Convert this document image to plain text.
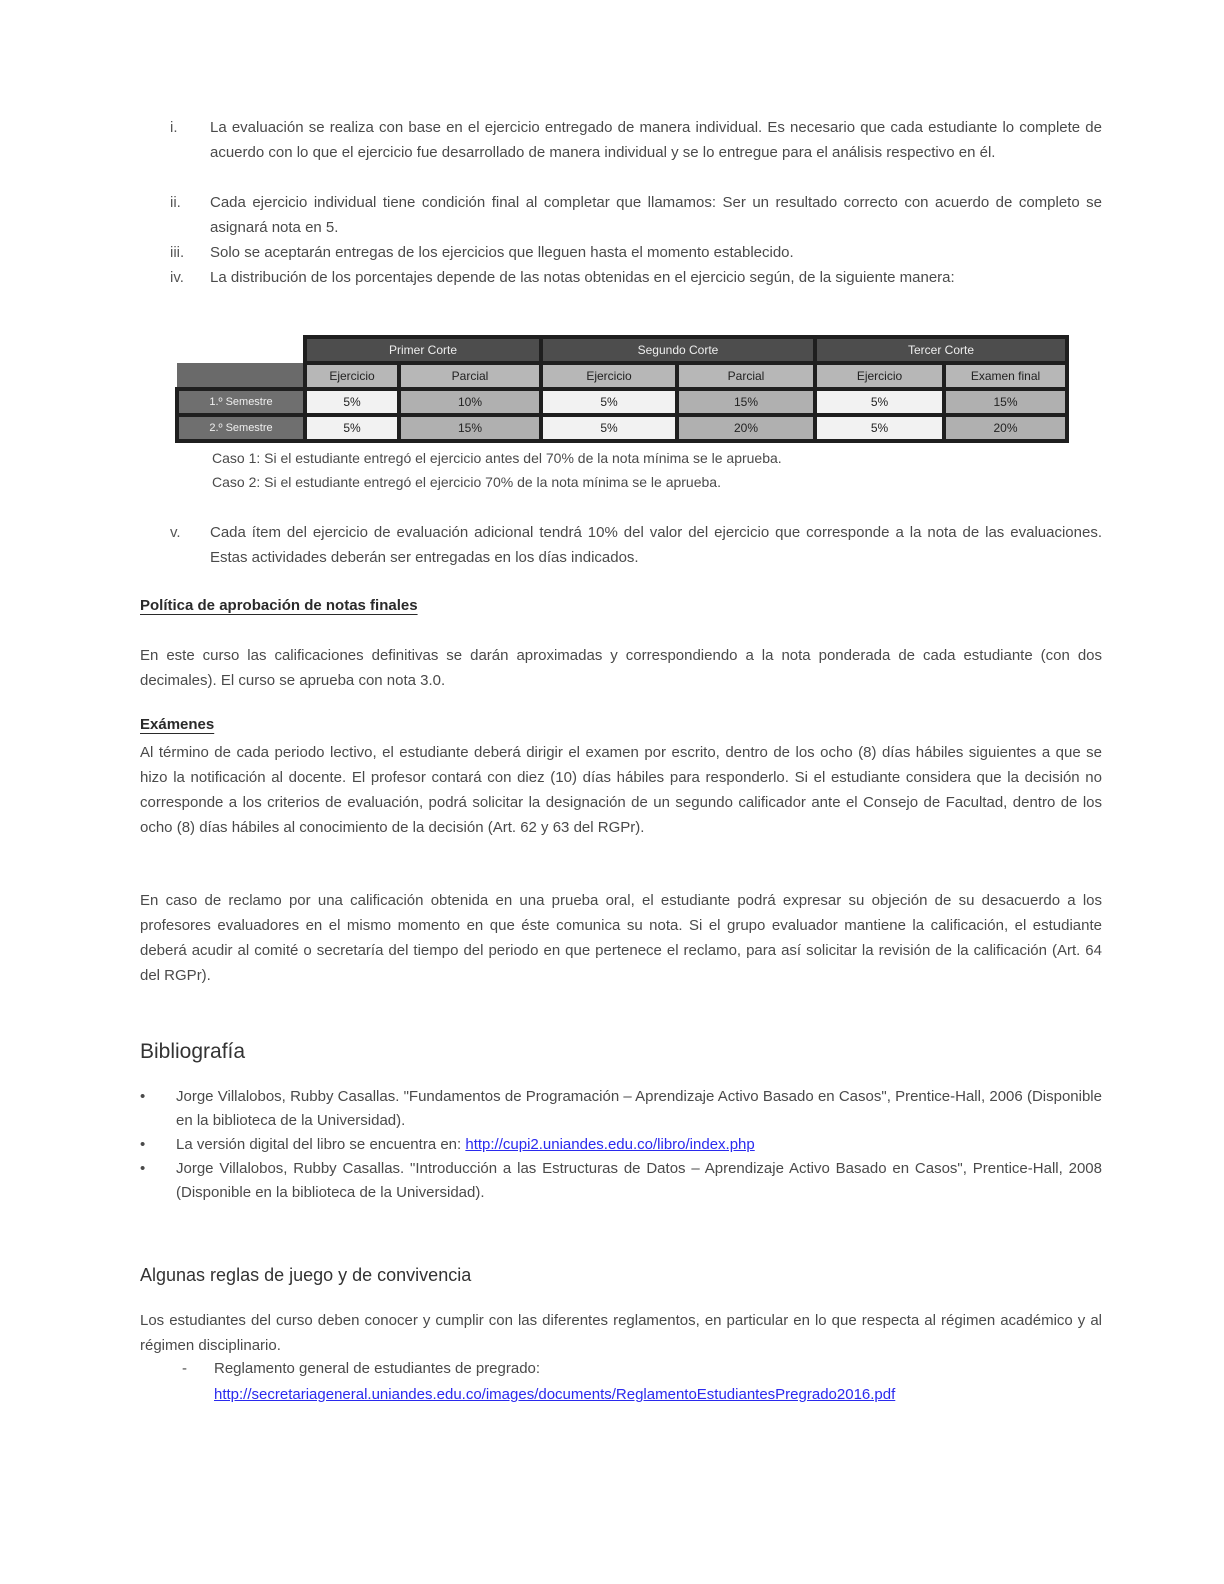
i.	La evaluación se realiza con base en el ejercicio entregado de manera individual. Es necesario que cada estudiante lo complete de acuerdo con lo que el ejercicio fue desarrollado de manera individual y se lo entregue para el análisis respectivo en él.
ii.	Cada ejercicio individual tiene condición final al completar que llamamos: Ser un resultado correcto con acuerdo de completo se asignará nota en 5.
iii.	Solo se aceptarán entregas de los ejercicios que lleguen hasta el momento establecido.
iv.	La distribución de los porcentajes depende de las notas obtenidas en el ejercicio según, de la siguiente manera:
	Primer Corte		Segundo Corte		Tercer Corte	
	Ejercicio	Parcial	Ejercicio	Parcial	Ejercicio	Examen final
1.º Semestre	5%	10%	5%	15%	5%	15%
2.º Semestre	5%	15%	5%	20%	5%	20%
Caso 1: Si el estudiante entregó el ejercicio antes del 70% de la nota mínima se le aprueba.
Caso 2: Si el estudiante entregó el ejercicio 70% de la nota mínima se le aprueba.
v.	Cada ítem del ejercicio de evaluación adicional tendrá 10% del valor del ejercicio que corresponde a la nota de las evaluaciones. Estas actividades deberán ser entregadas en los días indicados.
Política de aprobación de notas finales

En este curso las calificaciones definitivas se darán aproximadas y correspondiendo a la nota ponderada de cada estudiante (con dos decimales). El curso se aprueba con nota 3.0.

Exámenes

Al término de cada periodo lectivo, el estudiante deberá dirigir el examen por escrito, dentro de los ocho (8) días hábiles siguientes a que se hizo la notificación al docente. El profesor contará con diez (10) días hábiles para responderlo. Si el estudiante considera que la decisión no corresponde a los criterios de evaluación, podrá solicitar la designación de un segundo calificador ante el Consejo de Facultad, dentro de los ocho (8) días hábiles al conocimiento de la decisión (Art. 62 y 63 del RGPr).

En caso de reclamo por una calificación obtenida en una prueba oral, el estudiante podrá expresar su objeción de su desacuerdo a los profesores evaluadores en el mismo momento en que éste comunica su nota. Si el grupo evaluador mantiene la calificación, el estudiante deberá acudir al comité o secretaría del tiempo del periodo en que pertenece el reclamo, para así solicitar la revisión de la calificación (Art. 64 del RGPr).

Bibliografía
•	Jorge Villalobos, Rubby Casallas. "Fundamentos de Programación – Aprendizaje Activo Basado en Casos", Prentice-Hall, 2006 (Disponible en la biblioteca de la Universidad).
•	La versión digital del libro se encuentra en: http://cupi2.uniandes.edu.co/libro/index.php
•	Jorge Villalobos, Rubby Casallas. "Introducción a las Estructuras de Datos – Aprendizaje Activo Basado en Casos", Prentice-Hall, 2008 (Disponible en la biblioteca de la Universidad).
Algunas reglas de juego y de convivencia

Los estudiantes del curso deben conocer y cumplir con las diferentes reglamentos, en particular en lo que respecta al régimen académico y al régimen disciplinario.

-	Reglamento general de estudiantes de pregrado:
http://secretariageneral.uniandes.edu.co/images/documents/ReglamentoEstudiantesPregrado2016.pdf
